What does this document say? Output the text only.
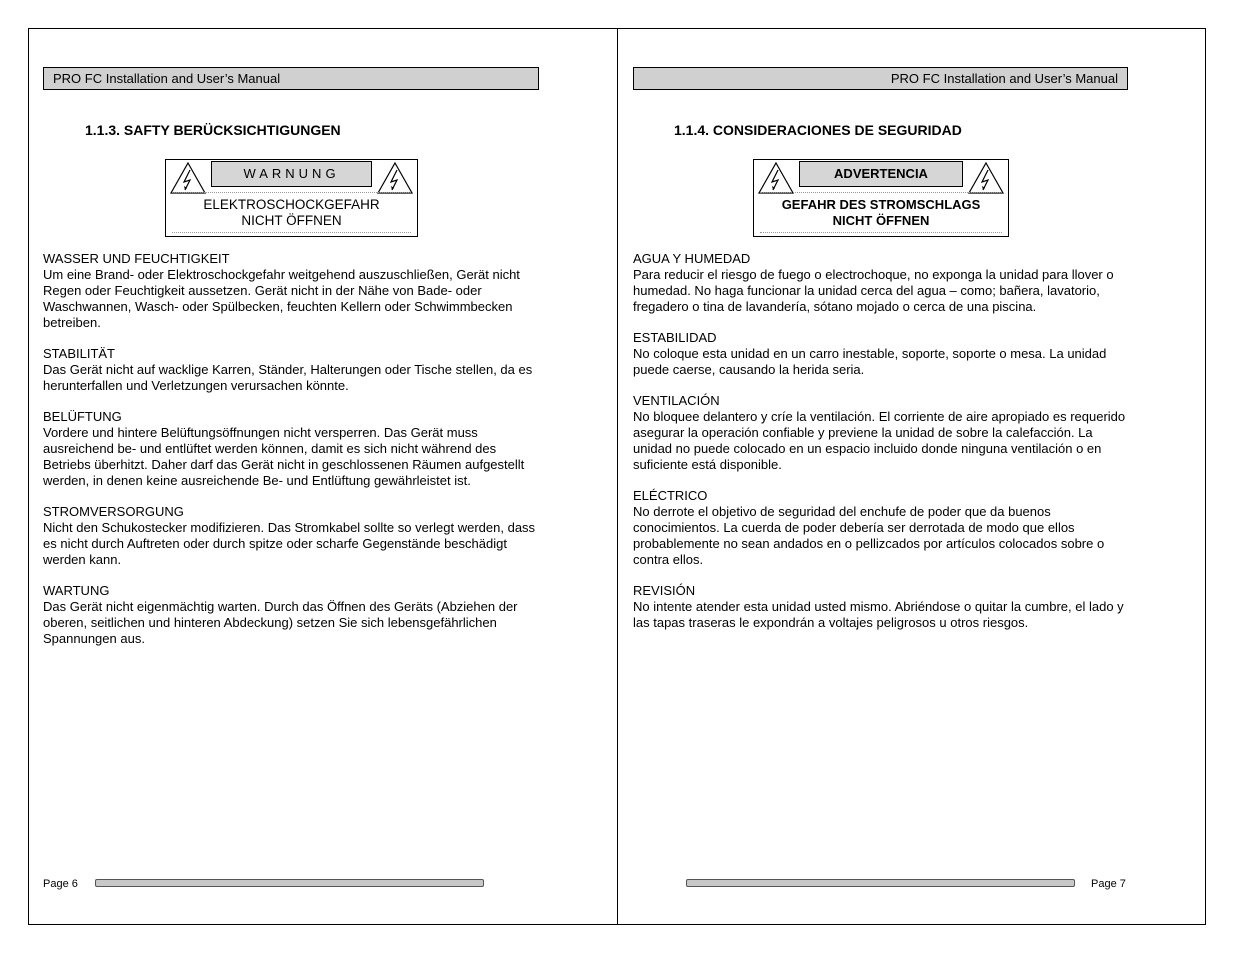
PRO FC Installation and User’s Manual
1.1.3. SAFTY BERÜCKSICHTIGUNGEN
WARNUNG
ELEKTROSCHOCKGEFAHR
NICHT ÖFFNEN

WASSER UND FEUCHTIGKEIT

Um eine Brand- oder Elektroschockgefahr weitgehend auszuschließen, Gerät nicht Regen oder Feuchtigkeit aussetzen. Gerät nicht in der Nähe von Bade- oder Waschwannen, Wasch- oder Spülbecken, feuchten Kellern oder Schwimmbecken betreiben.

STABILITÄT

Das Gerät nicht auf wacklige Karren, Ständer, Halterungen oder Tische stellen, da es herunterfallen und Verletzungen verursachen könnte.

BELÜFTUNG

Vordere und hintere Belüftungsöffnungen nicht versperren. Das Gerät muss ausreichend be- und entlüftet werden können, damit es sich nicht während des Betriebs überhitzt. Daher darf das Gerät nicht in geschlossenen Räumen aufgestellt werden, in denen keine ausreichende Be- und Entlüftung gewährleistet ist.

STROMVERSORGUNG

Nicht den Schukostecker modifizieren. Das Stromkabel sollte so verlegt werden, dass es nicht durch Auftreten oder durch spitze oder scharfe Gegenstände beschädigt werden kann.

WARTUNG

Das Gerät nicht eigenmächtig warten. Durch das Öffnen des Geräts (Abziehen der oberen, seitlichen und hinteren Abdeckung) setzen Sie sich lebensgefährlichen Spannungen aus.

Page 6
PRO FC Installation and User’s Manual
1.1.4. CONSIDERACIONES DE SEGURIDAD
ADVERTENCIA
GEFAHR DES STROMSCHLAGS
NICHT ÖFFNEN

AGUA Y HUMEDAD

Para reducir el riesgo de fuego o electrochoque, no exponga la unidad para llover o humedad. No haga funcionar la unidad cerca del agua – como; bañera, lavatorio, fregadero o tina de lavandería, sótano mojado o cerca de una piscina.

ESTABILIDAD

No coloque esta unidad en un carro inestable, soporte, soporte o mesa. La unidad puede caerse, causando la herida seria.

VENTILACIÓN

No bloquee delantero y críe la ventilación. El corriente de aire apropiado es requerido asegurar la operación confiable y previene la unidad de sobre la calefacción. La unidad no puede colocado en un espacio incluido donde ninguna ventilación o en suficiente está disponible.

ELÉCTRICO

No derrote el objetivo de seguridad del enchufe de poder que da buenos conocimientos. La cuerda de poder debería ser derrotada de modo que ellos probablemente no sean andados en o pellizcados por artículos colocados sobre o contra ellos.

REVISIÓN

No intente atender esta unidad usted mismo. Abriéndose o quitar la cumbre, el lado y las tapas traseras le expondrán a voltajes peligrosos u otros riesgos.

Page 7
